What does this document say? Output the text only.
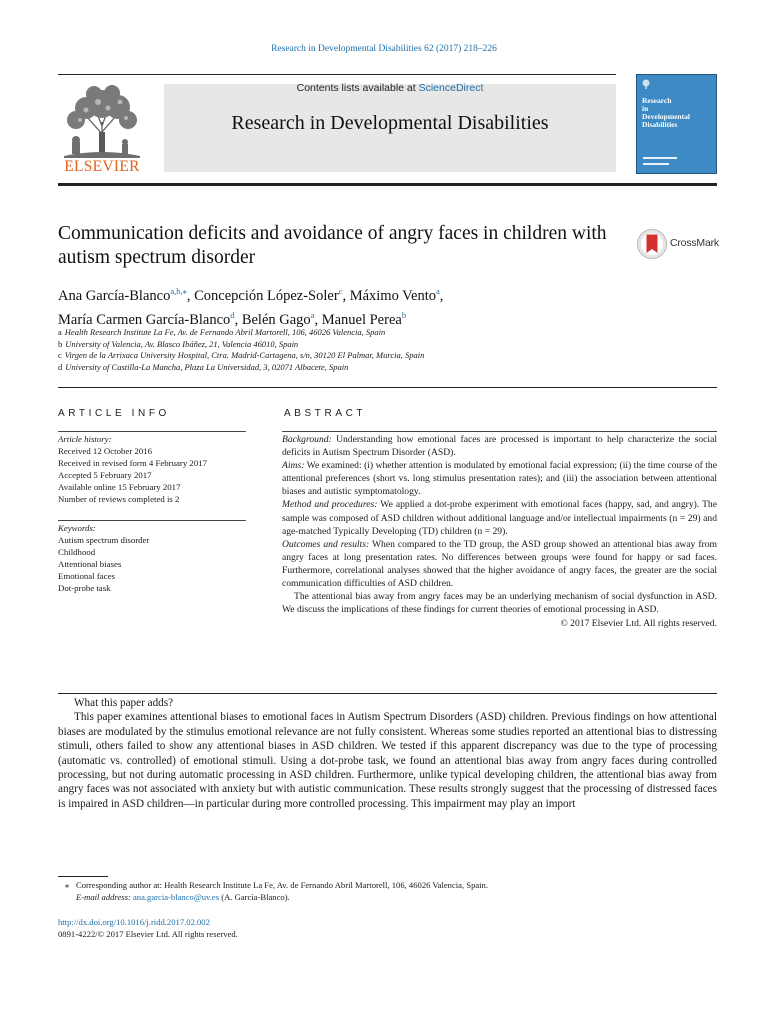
Research in Developmental Disabilities 62 (2017) 218–226
ELSEVIER
Contents lists available at ScienceDirect
Research in Developmental Disabilities
Research
in
Developmental
Disabilities
Communication deficits and avoidance of angry faces in children with autism spectrum disorder
CrossMark
Ana García-Blanco$^{a,b,⁎}$, Concepción López-Soler$^c$, Máximo Vento$^a$,
María Carmen García-Blanco$^d$, Belén Gago$^a$, Manuel Perea$^b$
a Health Research Institute La Fe, Av. de Fernando Abril Martorell, 106, 46026 Valencia, Spain
b University of Valencia, Av. Blasco Ibáñez, 21, Valencia 46010, Spain
c Virgen de la Arrixaca University Hospital, Ctra. Madrid-Cartagena, s/n, 30120 El Palmar, Murcia, Spain
d University of Castilla-La Mancha, Plaza La Universidad, 3, 02071 Albacete, Spain
ARTICLE INFO
Article history:
Received 12 October 2016
Received in revised form 4 February 2017
Accepted 5 February 2017
Available online 15 February 2017
Number of reviews completed is 2
Keywords:
Autism spectrum disorder
Childhood
Attentional biases
Emotional faces
Dot-probe task
ABSTRACT

Background: Understanding how emotional faces are processed is important to help characterize the social deficits in Autism Spectrum Disorder (ASD).

Aims: We examined: (i) whether attention is modulated by emotional facial expression; (ii) the time course of the attentional preferences (short vs. long stimulus presentation rates); and (iii) the association between attentional biases and autistic symptomatology.

Method and procedures: We applied a dot-probe experiment with emotional faces (happy, sad, and angry). The sample was composed of ASD children without additional language and/or intellectual impairments (n = 29) and age-matched Typically Developing (TD) children (n = 29).

Outcomes and results: When compared to the TD group, the ASD group showed an attentional bias away from angry faces at long presentation rates. No differences between groups were found for happy or sad faces. Furthermore, correlational analyses showed that the higher avoidance of angry faces, the greater are the social communication difficulties of ASD children.

The attentional bias away from angry faces may be an underlying mechanism of social dysfunction in ASD. We discuss the implications of these findings for current theories of emotional processing in ASD.

© 2017 Elsevier Ltd. All rights reserved.

What this paper adds?

This paper examines attentional biases to emotional faces in Autism Spectrum Disorders (ASD) children. Previous findings on how attentional biases are modulated by the stimulus emotional relevance are not fully consistent. Whereas some studies reported an attentional bias to distressing stimuli, others failed to show any attentional biases in ASD children. We tested if this apparent discrepancy was due to the type of processing (automatic vs. controlled) of emotional stimuli. Using a dot-probe task, we found an attentional bias away from angry faces during controlled processing, but not during automatic processing in ASD children. Furthermore, unlike typical developing children, the attentional bias away from angry faces was not associated with anxiety but with autistic communication. These results strongly suggest that the processing of distressed faces is impaired in ASD children—in particular during more controlled processing. This impairment may play an import

⁎ Corresponding author at: Health Research Institute La Fe, Av. de Fernando Abril Martorell, 106, 46026 Valencia, Spain.
E-mail address: ana.garcia-blanco@uv.es (A. García-Blanco).
http://dx.doi.org/10.1016/j.ridd.2017.02.002
0891-4222/© 2017 Elsevier Ltd. All rights reserved.
